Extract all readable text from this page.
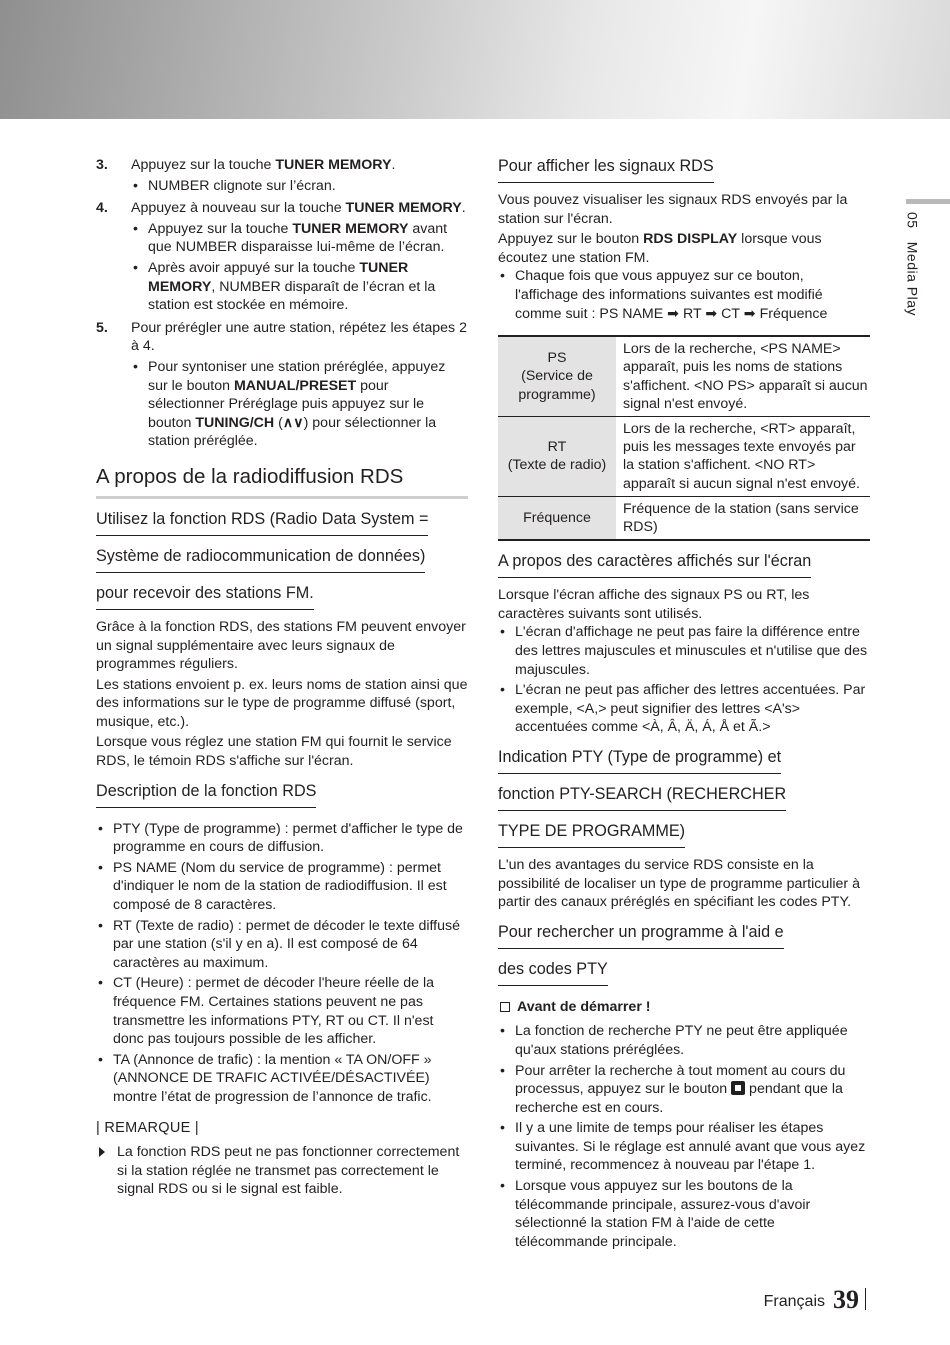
3. Appuyez sur la touche TUNER MEMORY.
• NUMBER clignote sur l’écran.
4. Appuyez à nouveau sur la touche TUNER MEMORY.
• Appuyez sur la touche TUNER MEMORY avant que NUMBER disparaisse lui-même de l’écran.
• Après avoir appuyé sur la touche TUNER MEMORY, NUMBER disparaît de l’écran et la station est stockée en mémoire.
5. Pour prérégler une autre station, répétez les étapes 2 à 4.
• Pour syntoniser une station préréglée, appuyez sur le bouton MANUAL/PRESET pour sélectionner Préréglage puis appuyez sur le bouton TUNING/CH (∧∨) pour sélectionner la station préréglée.
A propos de la radiodiffusion RDS
Utilisez la fonction RDS (Radio Data System =
Système de radiocommunication de données)
pour recevoir des stations FM.

Grâce à la fonction RDS, des stations FM peuvent envoyer un signal supplémentaire avec leurs signaux de programmes réguliers.

Les stations envoient p. ex. leurs noms de station ainsi que des informations sur le type de programme diffusé (sport, musique, etc.).

Lorsque vous réglez une station FM qui fournit le service RDS, le témoin RDS s'affiche sur l'écran.

Description de la fonction RDS
• PTY (Type de programme) : permet d'afficher le type de programme en cours de diffusion.
• PS NAME (Nom du service de programme) : permet d'indiquer le nom de la station de radiodiffusion. Il est composé de 8 caractères.
• RT (Texte de radio) : permet de décoder le texte diffusé par une station (s'il y en a). Il est composé de 64 caractères au maximum.
• CT (Heure) : permet de décoder l'heure réelle de la fréquence FM. Certaines stations peuvent ne pas transmettre les informations PTY, RT ou CT. Il n'est donc pas toujours possible de les afficher.
• TA (Annonce de trafic) : la mention « TA ON/OFF » (ANNONCE DE TRAFIC ACTIVÉE/DÉSACTIVÉE) montre l’état de progression de l’annonce de trafic.
| REMARQUE |
La fonction RDS peut ne pas fonctionner correctement si la station réglée ne transmet pas correctement le signal RDS ou si le signal est faible.
Pour afficher les signaux RDS

Vous pouvez visualiser les signaux RDS envoyés par la station sur l'écran.

Appuyez sur le bouton RDS DISPLAY lorsque vous écoutez une station FM.

• Chaque fois que vous appuyez sur ce bouton, l'affichage des informations suivantes est modifié comme suit : PS NAME ➡ RT ➡ CT ➡ Fréquence
PS
(Service de
programme)	Lors de la recherche, <PS NAME> apparaît, puis les noms de stations s'affichent. <NO PS> apparaît si aucun signal n'est envoyé.
RT
(Texte de radio)	Lors de la recherche, <RT> apparaît, puis les messages texte envoyés par la station s'affichent. <NO RT> apparaît si aucun signal n'est envoyé.
Fréquence	Fréquence de la station (sans service RDS)
A propos des caractères affichés sur l'écran

Lorsque l'écran affiche des signaux PS ou RT, les caractères suivants sont utilisés.

• L'écran d'affichage ne peut pas faire la différence entre des lettres majuscules et minuscules et n'utilise que des majuscules.
• L'écran ne peut pas afficher des lettres accentuées. Par exemple, <A,> peut signifier des lettres <A's> accentuées comme <À, Â, Ä, Á, Å et Ã.>
Indication PTY (Type de programme) et
fonction PTY-SEARCH (RECHERCHER
TYPE DE PROGRAMME)

L'un des avantages du service RDS consiste en la possibilité de localiser un type de programme particulier à partir des canaux préréglés en spécifiant les codes PTY.

Pour rechercher un programme à l'aid e
des codes PTY
Avant de démarrer !
• La fonction de recherche PTY ne peut être appliquée qu'aux stations préréglées.
• Pour arrêter la recherche à tout moment au cours du processus, appuyez sur le bouton  pendant que la recherche est en cours.
• Il y a une limite de temps pour réaliser les étapes suivantes. Si le réglage est annulé avant que vous ayez terminé, recommencez à nouveau par l'étape 1.
• Lorsque vous appuyez sur les boutons de la télécommande principale, assurez-vous d'avoir sélectionné la station FM à l'aide de cette télécommande principale.
05   Media Play
Français 39
